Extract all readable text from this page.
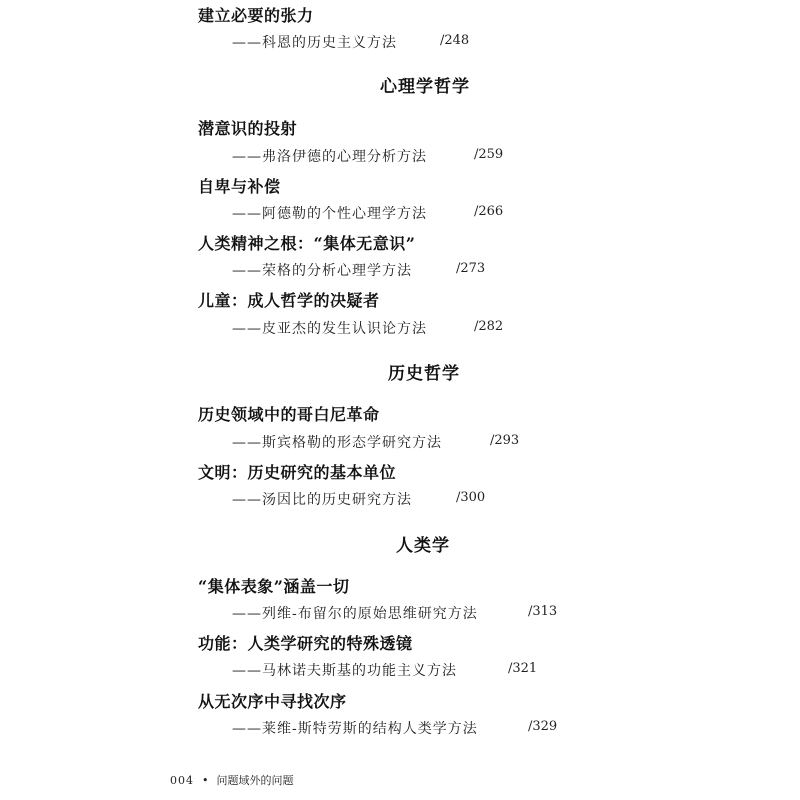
建立必要的张力
——科恩的历史主义方法	/248
心理学哲学
潜意识的投射
——弗洛伊德的心理分析方法	/259
自卑与补偿
——阿德勒的个性心理学方法	/266
人类精神之根：“集体无意识”
——荣格的分析心理学方法	/273
儿童：成人哲学的决疑者
——皮亚杰的发生认识论方法	/282
历史哲学
历史领域中的哥白尼革命
——斯宾格勒的形态学研究方法	/293
文明：历史研究的基本单位
——汤因比的历史研究方法	/300
人类学
“集体表象”涵盖一切
——列维-布留尔的原始思维研究方法	/313
功能：人类学研究的特殊透镜
——马林诺夫斯基的功能主义方法	/321
从无次序中寻找次序
——莱维-斯特劳斯的结构人类学方法	/329
004 • 问题域外的问题
